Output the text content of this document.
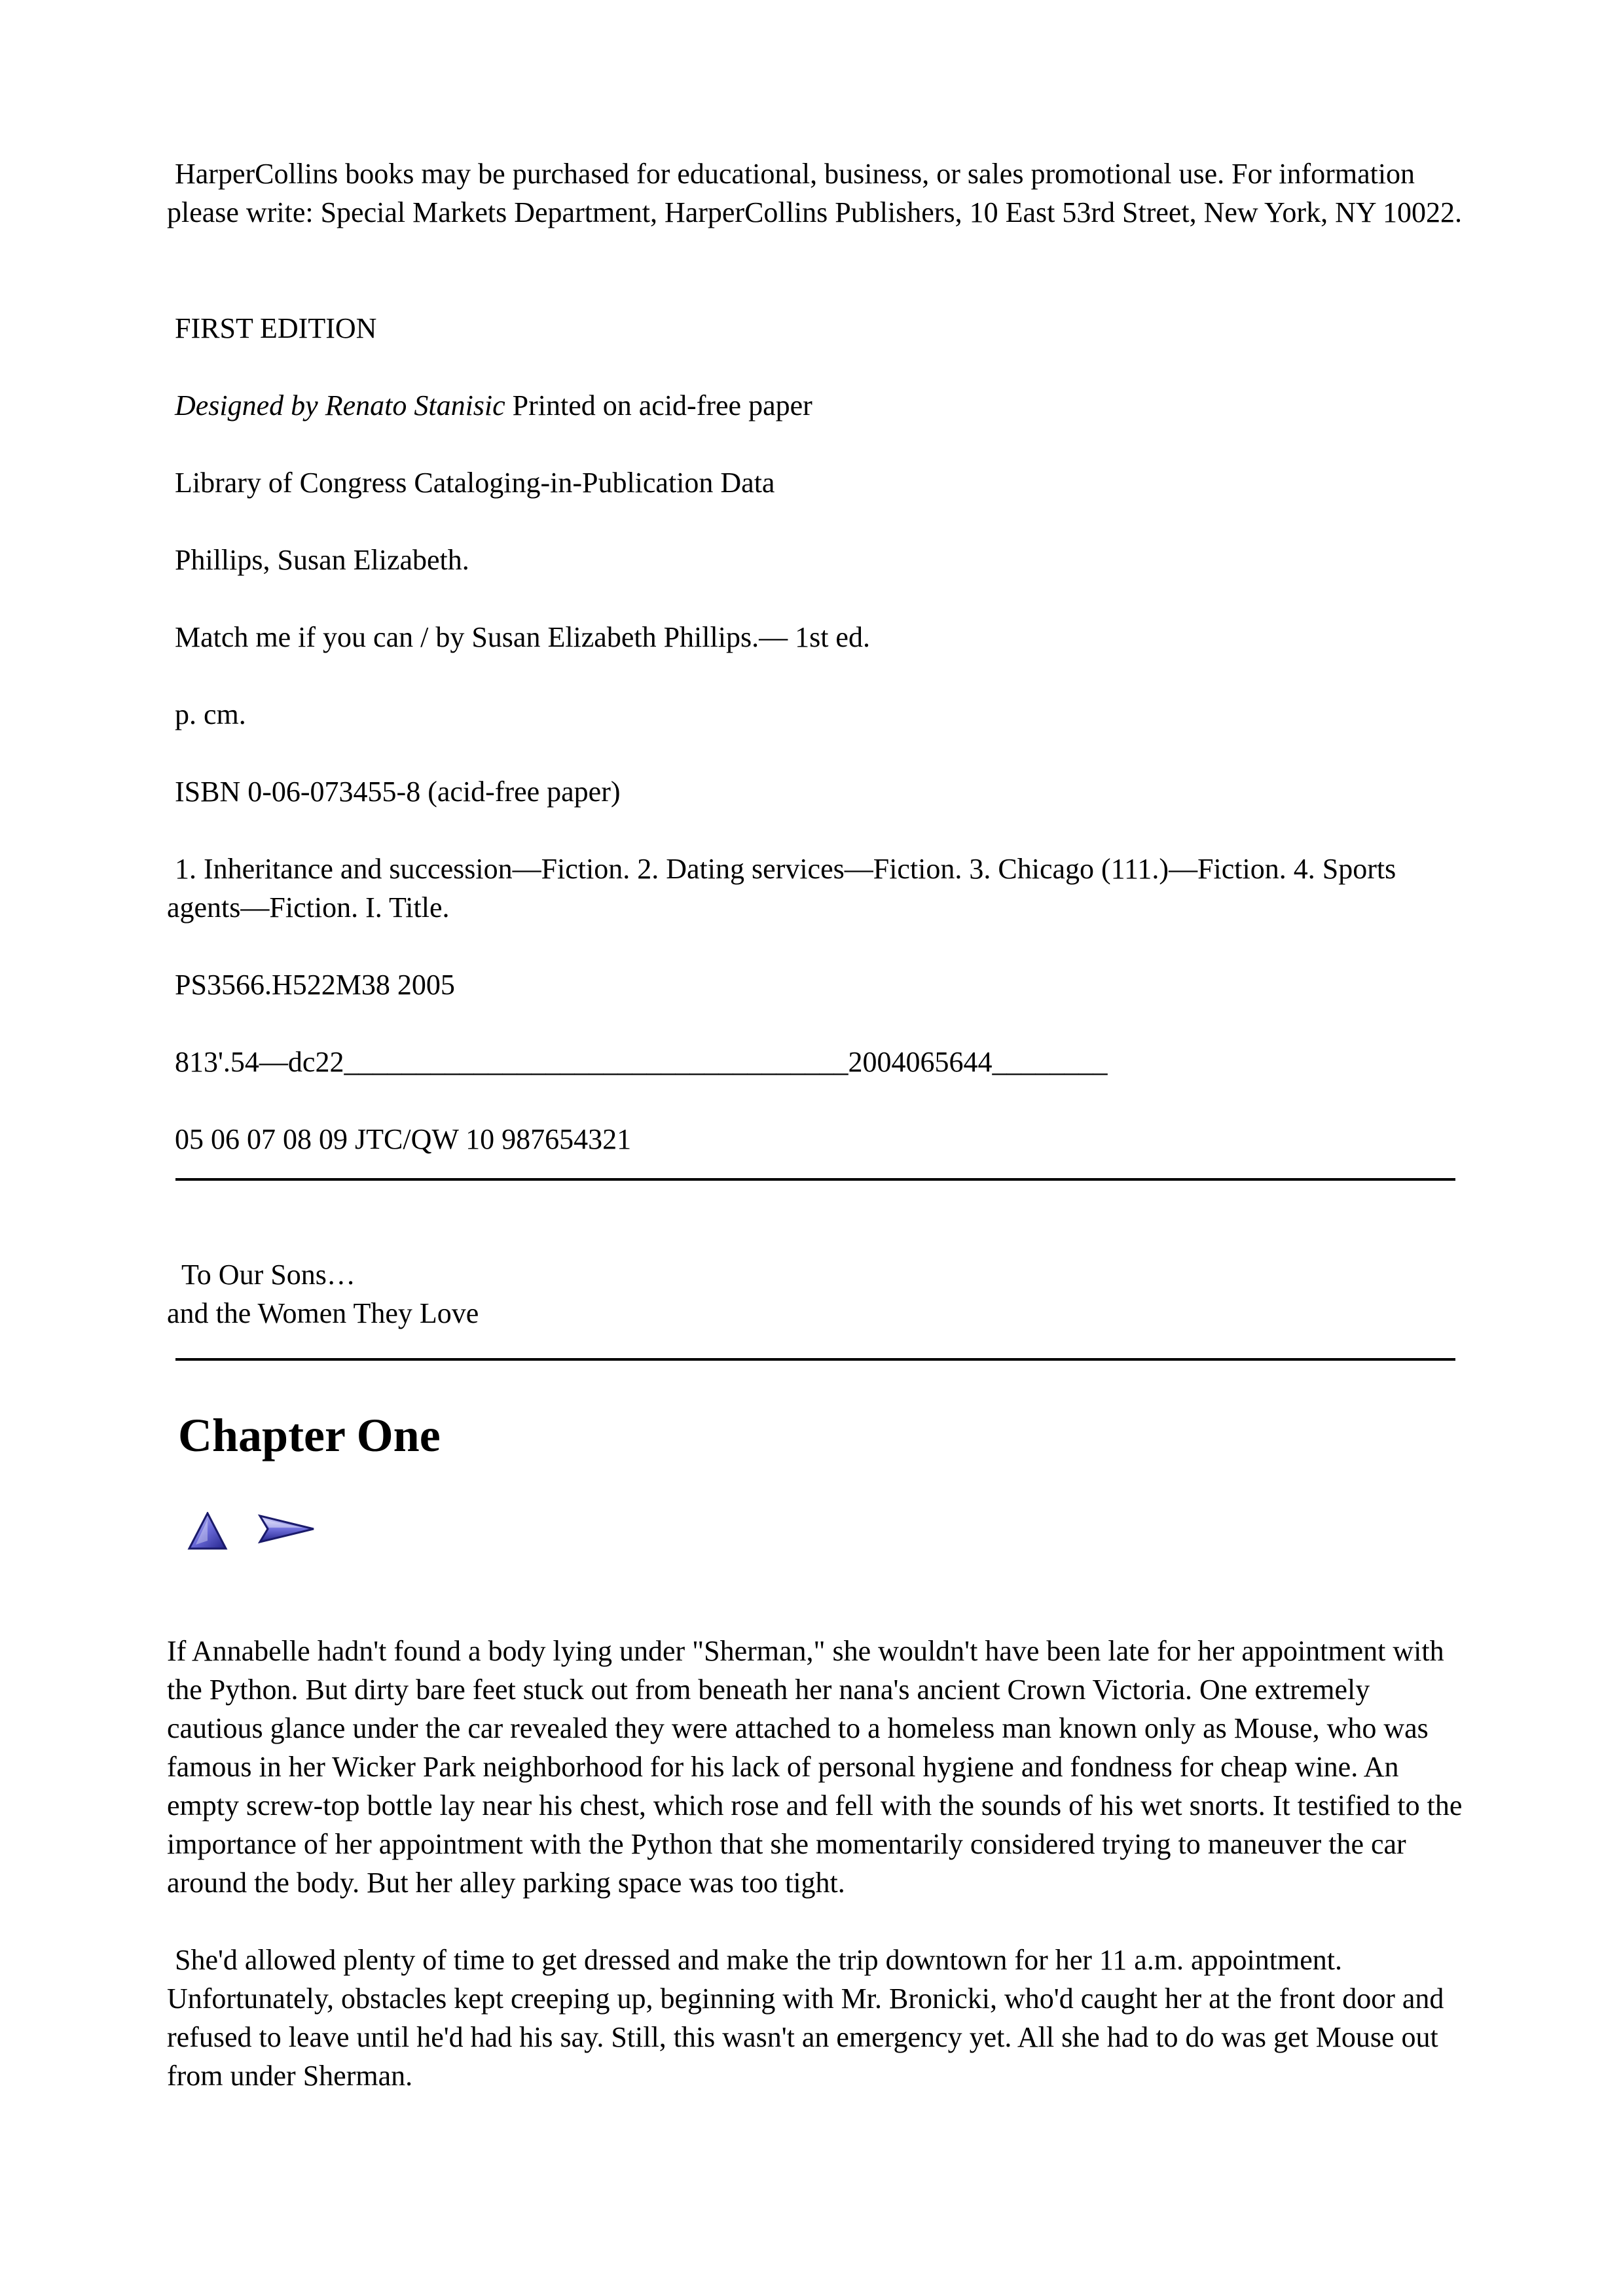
HarperCollins books may be purchased for educational, business, or sales promotional use. For information please write: Special Markets Department, HarperCollins Publishers, 10 East 53rd Street, New York, NY 10022.

FIRST EDITION

Designed by Renato Stanisic Printed on acid-free paper

Library of Congress Cataloging-in-Publication Data

Phillips, Susan Elizabeth.

Match me if you can / by Susan Elizabeth Phillips.— 1st ed.

p. cm.

ISBN 0-06-073455-8 (acid-free paper)

1. Inheritance and succession—Fiction. 2. Dating services—Fiction. 3. Chicago (111.)—Fiction. 4. Sports agents—Fiction. I. Title.

PS3566.H522M38 2005

813'.54—dc22___________________________________2004065644________

05 06 07 08 09 JTC/QW 10 987654321

To Our Sons…
and the Women They Love

Chapter One

If Annabelle hadn't found a body lying under "Sherman," she wouldn't have been late for her appointment with the Python. But dirty bare feet stuck out from beneath her nana's ancient Crown Victoria. One extremely cautious glance under the car revealed they were attached to a homeless man known only as Mouse, who was famous in her Wicker Park neighborhood for his lack of personal hygiene and fondness for cheap wine. An empty screw-top bottle lay near his chest, which rose and fell with the sounds of his wet snorts. It testified to the importance of her appointment with the Python that she momentarily considered trying to maneuver the car around the body. But her alley parking space was too tight.

She'd allowed plenty of time to get dressed and make the trip downtown for her 11 a.m. appointment. Unfortunately, obstacles kept creeping up, beginning with Mr. Bronicki, who'd caught her at the front door and refused to leave until he'd had his say. Still, this wasn't an emergency yet. All she had to do was get Mouse out from under Sherman.
